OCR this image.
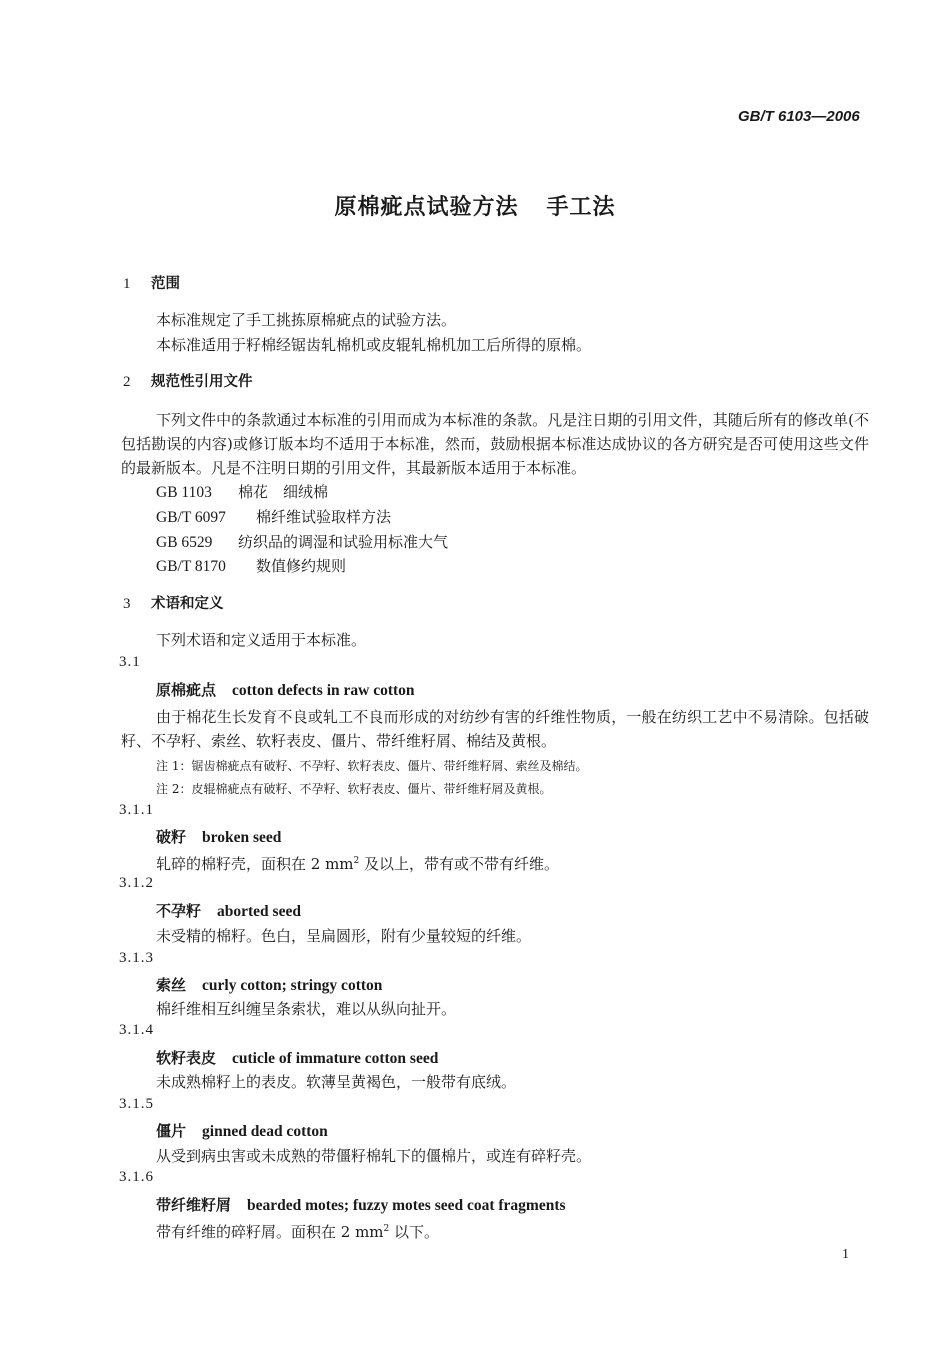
GB/T 6103—2006
原棉疵点试验方法 手工法
1 范围
本标准规定了手工挑拣原棉疵点的试验方法。
本标准适用于籽棉经锯齿轧棉机或皮辊轧棉机加工后所得的原棉。
2 规范性引用文件
下列文件中的条款通过本标准的引用而成为本标准的条款。凡是注日期的引用文件，其随后所有的修改单(不包括勘误的内容)或修订版本均不适用于本标准，然而，鼓励根据本标准达成协议的各方研究是否可使用这些文件的最新版本。凡是不注明日期的引用文件，其最新版本适用于本标准。
GB 1103 棉花　细绒棉
GB/T 6097 棉纤维试验取样方法
GB 6529 纺织品的调湿和试验用标准大气
GB/T 8170 数值修约规则
3 术语和定义
下列术语和定义适用于本标准。
3.1
原棉疵点 cotton defects in raw cotton
由于棉花生长发育不良或轧工不良而形成的对纺纱有害的纤维性物质，一般在纺织工艺中不易清除。包括破籽、不孕籽、索丝、软籽表皮、僵片、带纤维籽屑、棉结及黄根。
注 1：锯齿棉疵点有破籽、不孕籽、软籽表皮、僵片、带纤维籽屑、索丝及棉结。
注 2：皮辊棉疵点有破籽、不孕籽、软籽表皮、僵片、带纤维籽屑及黄根。
3.1.1
破籽 broken seed
轧碎的棉籽壳，面积在 2 $mm^2$ 及以上，带有或不带有纤维。
3.1.2
不孕籽 aborted seed
未受精的棉籽。色白，呈扁圆形，附有少量较短的纤维。
3.1.3
索丝 curly cotton; stringy cotton
棉纤维相互纠缠呈条索状，难以从纵向扯开。
3.1.4
软籽表皮 cuticle of immature cotton seed
未成熟棉籽上的表皮。软薄呈黄褐色，一般带有底绒。
3.1.5
僵片 ginned dead cotton
从受到病虫害或未成熟的带僵籽棉轧下的僵棉片，或连有碎籽壳。
3.1.6
带纤维籽屑 bearded motes; fuzzy motes seed coat fragments
带有纤维的碎籽屑。面积在 2 $mm^2$ 以下。
1
